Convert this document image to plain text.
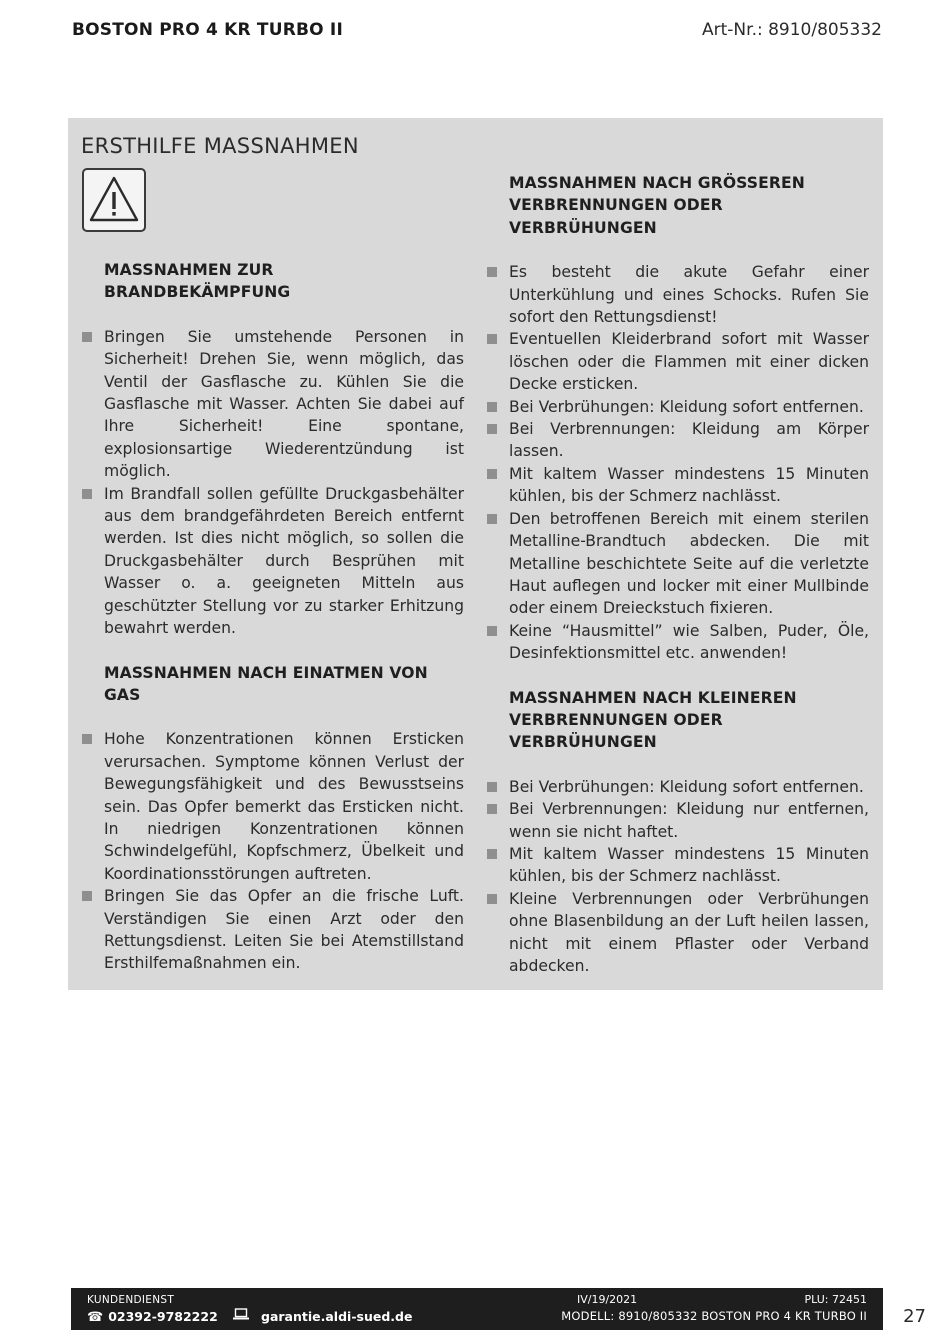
BOSTON PRO 4 KR TURBO II	Art-Nr.: 8910/805332
ERSTHILFE MASSNAHMEN
MASSNAHMEN ZUR BRANDBEKÄMPFUNG
Bringen Sie umstehende Personen in Sicherheit! Drehen Sie, wenn möglich, das Ventil der Gasflasche zu. Kühlen Sie die Gasflasche mit Wasser. Achten Sie dabei auf Ihre Sicherheit! Eine spontane, explosionsartige Wiederentzündung ist möglich.
Im Brandfall sollen gefüllte Druckgasbehälter aus dem brandgefährdeten Bereich entfernt werden. Ist dies nicht möglich, so sollen die Druckgasbehälter durch Besprühen mit Wasser o. a. geeigneten Mitteln aus geschützter Stellung vor zu starker Erhitzung bewahrt werden.
MASSNAHMEN NACH EINATMEN VON GAS
Hohe Konzentrationen können Ersticken verursachen. Symptome können Verlust der Bewegungsfähigkeit und des Bewusstseins sein. Das Opfer bemerkt das Ersticken nicht. In niedrigen Konzentrationen können Schwindelgefühl, Kopfschmerz, Übelkeit und Koordinationsstörungen auftreten.
Bringen Sie das Opfer an die frische Luft. Verständigen Sie einen Arzt oder den Rettungsdienst. Leiten Sie bei Atemstillstand Ersthilfemaßnahmen ein.
MASSNAHMEN NACH GRÖSSEREN VERBRENNUNGEN ODER VERBRÜHUNGEN
Es besteht die akute Gefahr einer Unterkühlung und eines Schocks. Rufen Sie sofort den Rettungsdienst!
Eventuellen Kleiderbrand sofort mit Wasser löschen oder die Flammen mit einer dicken Decke ersticken.
Bei Verbrühungen: Kleidung sofort entfernen.
Bei Verbrennungen: Kleidung am Körper lassen.
Mit kaltem Wasser mindestens 15 Minuten kühlen, bis der Schmerz nachlässt.
Den betroffenen Bereich mit einem sterilen Metalline-Brandtuch abdecken. Die mit Metalline beschichtete Seite auf die verletzte Haut auflegen und locker mit einer Mullbinde oder einem Dreieckstuch fixieren.
Keine “Hausmittel” wie Salben, Puder, Öle, Desinfektionsmittel etc. anwenden!
MASSNAHMEN NACH KLEINEREN VERBRENNUNGEN ODER VERBRÜHUNGEN
Bei Verbrühungen: Kleidung sofort entfernen.
Bei Verbrennungen: Kleidung nur entfernen, wenn sie nicht haftet.
Mit kaltem Wasser mindestens 15 Minuten kühlen, bis der Schmerz nachlässt.
Kleine Verbrennungen oder Verbrühungen ohne Blasenbildung an der Luft heilen lassen, nicht mit einem Pflaster oder Verband abdecken.
KUNDENDIENST
☎ 02392-9782222	garantie.aldi-sued.de
IV/19/2021	PLU: 72451
MODELL: 8910/805332 BOSTON PRO 4 KR TURBO II 27
